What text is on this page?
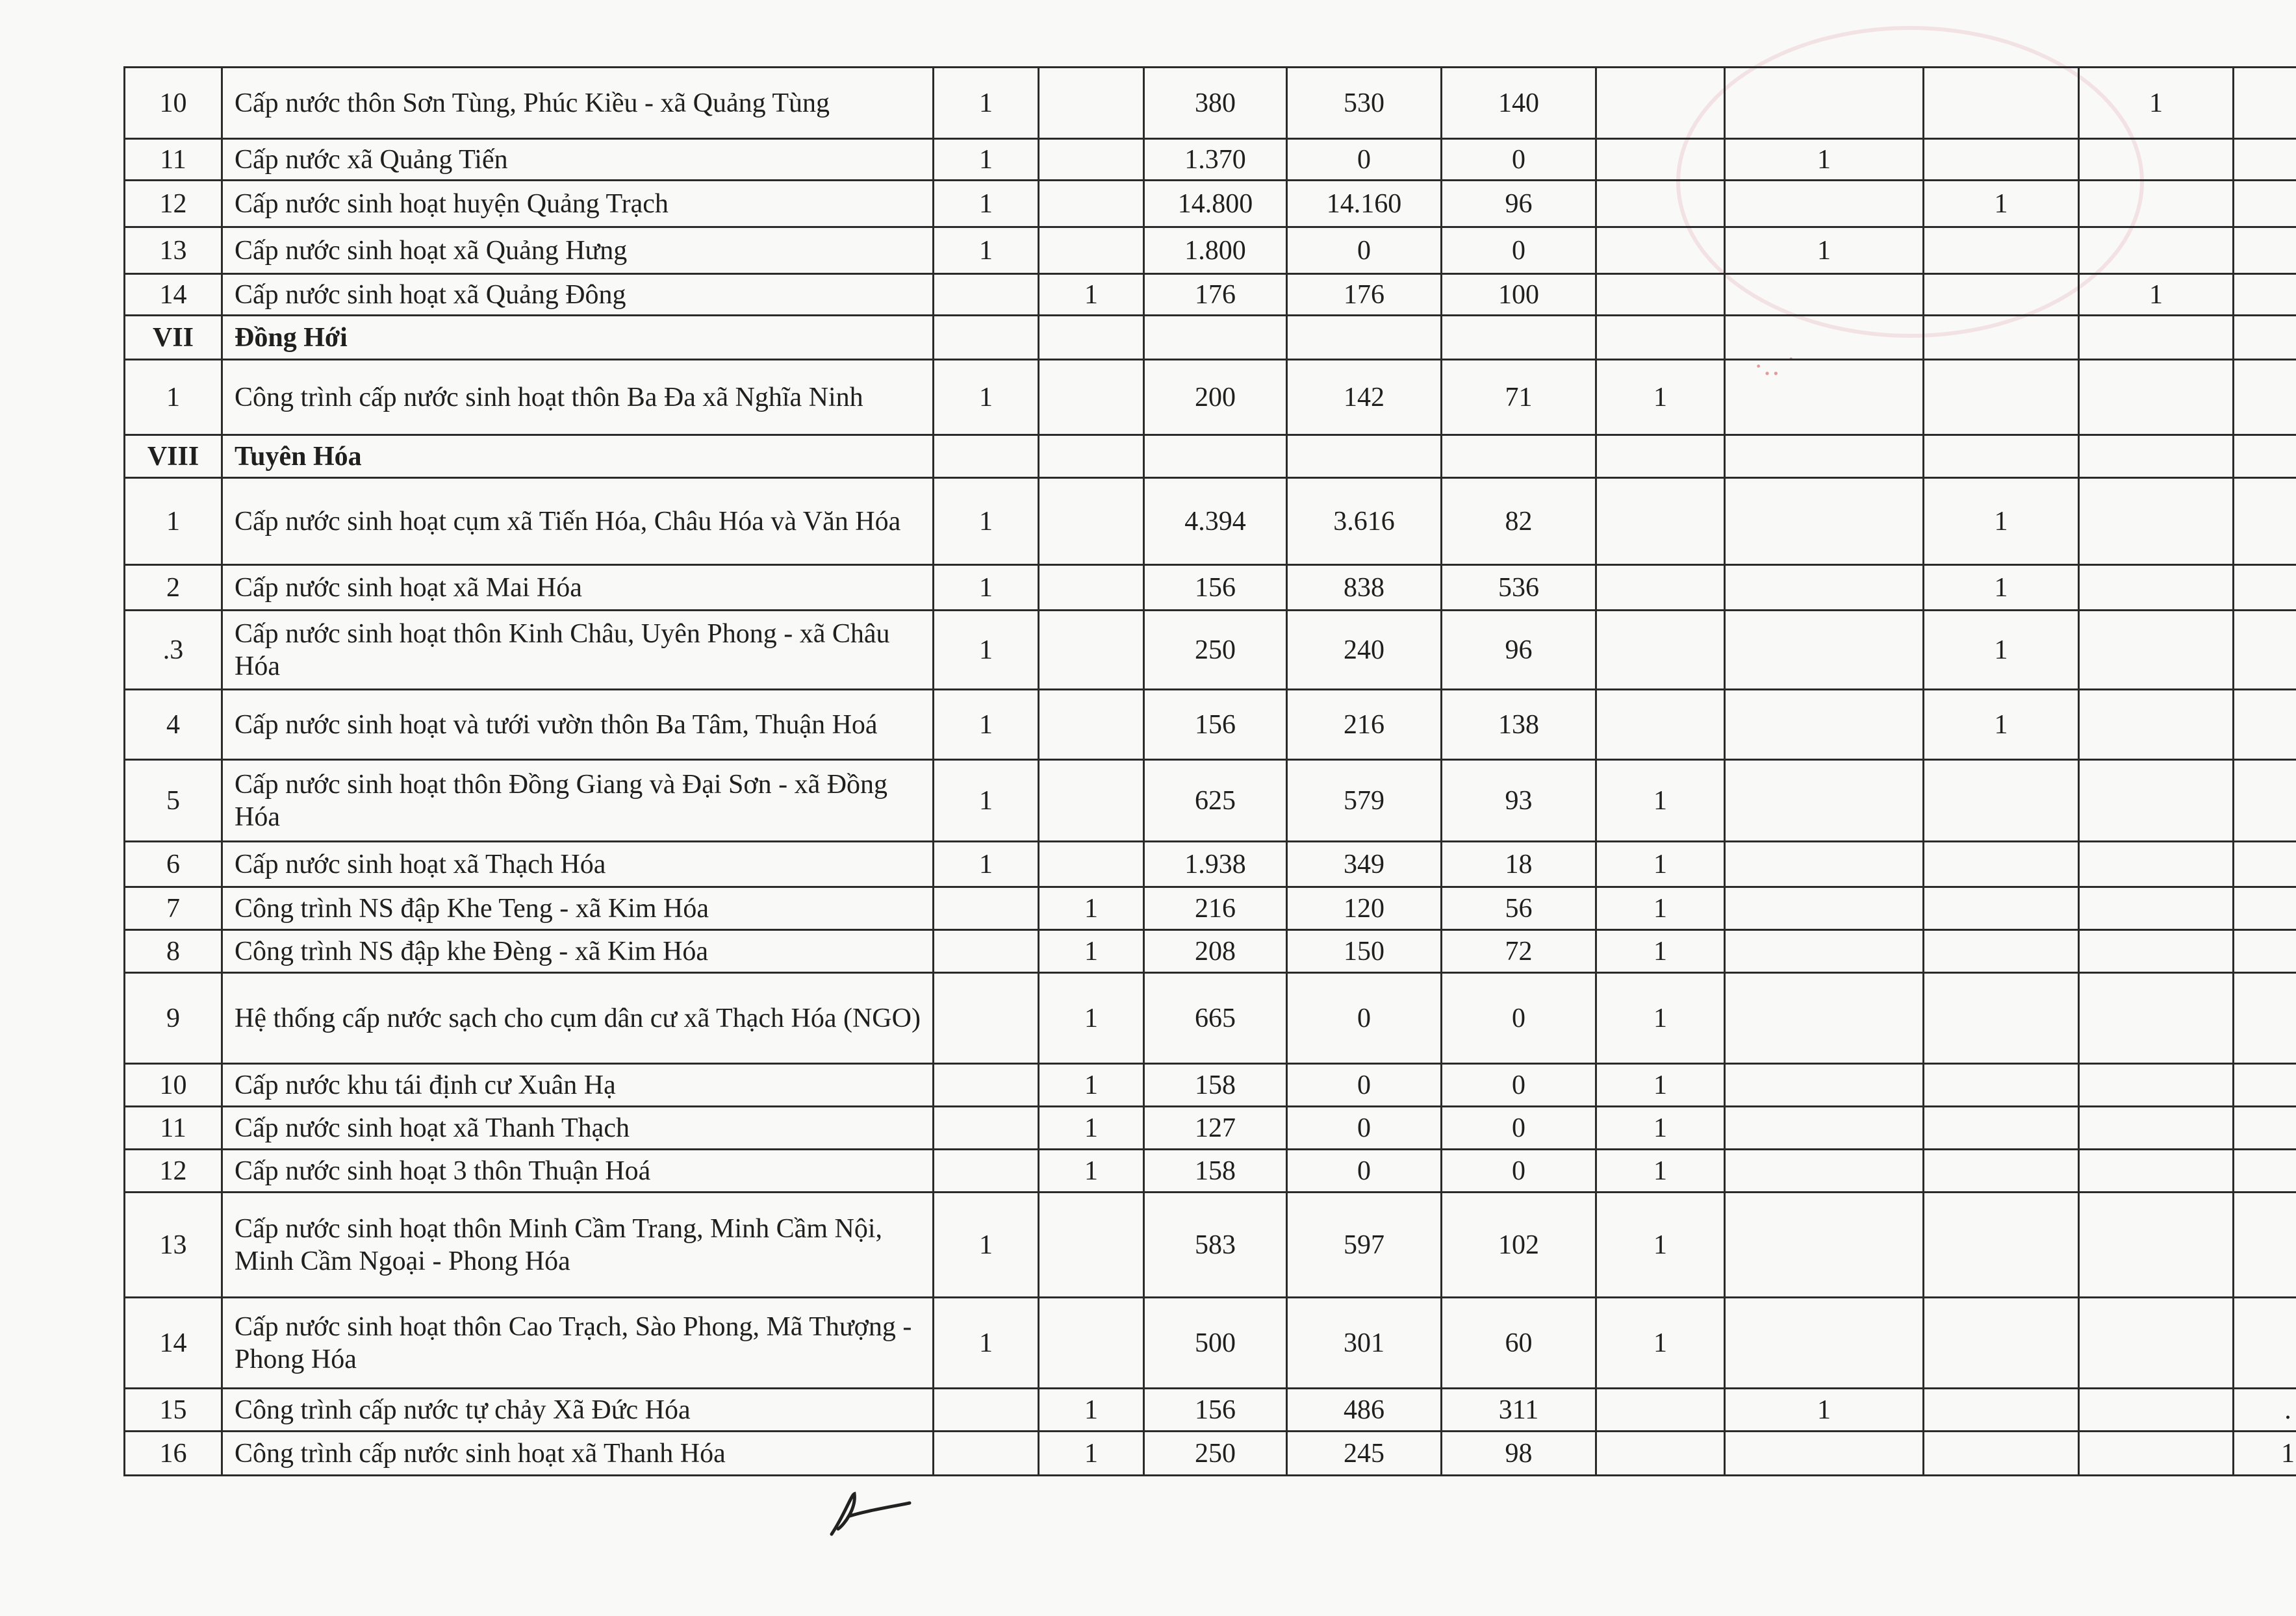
·‥ ˙
10	Cấp nước thôn Sơn Tùng, Phúc Kiều - xã Quảng Tùng	1		380	530	140				1	
11	Cấp nước xã Quảng Tiến	1		1.370	0	0		1			
12	Cấp nước sinh hoạt huyện Quảng Trạch	1		14.800	14.160	96			1		
13	Cấp nước sinh hoạt xã Quảng Hưng	1		1.800	0	0		1			
14	Cấp nước sinh hoạt xã Quảng Đông		1	176	176	100				1	
VII	Đồng Hới										
1	Công trình cấp nước sinh hoạt thôn Ba Đa xã Nghĩa Ninh	1		200	142	71	1				
VIII	Tuyên Hóa										
1	Cấp nước sinh hoạt cụm xã Tiến Hóa, Châu Hóa và Văn Hóa	1		4.394	3.616	82			1		
2	Cấp nước sinh hoạt xã Mai Hóa	1		156	838	536			1		
.3	Cấp nước sinh hoạt thôn Kinh Châu, Uyên Phong - xã Châu Hóa	1		250	240	96			1		
4	Cấp nước sinh hoạt và tưới vườn thôn Ba Tâm, Thuận Hoá	1		156	216	138			1		
5	Cấp nước sinh hoạt thôn Đồng Giang và Đại Sơn - xã Đồng Hóa	1		625	579	93	1				
6	Cấp nước sinh hoạt xã Thạch Hóa	1		1.938	349	18	1				
7	Công trình NS đập Khe Teng - xã Kim Hóa		1	216	120	56	1				
8	Công trình NS đập khe Đèng - xã Kim Hóa		1	208	150	72	1				
9	Hệ thống cấp nước sạch cho cụm dân cư xã Thạch Hóa (NGO)		1	665	0	0	1				
10	Cấp nước khu tái định cư Xuân Hạ		1	158	0	0	1				
11	Cấp nước sinh hoạt xã Thanh Thạch		1	127	0	0	1				
12	Cấp nước sinh hoạt 3 thôn Thuận Hoá		1	158	0	0	1				
13	Cấp nước sinh hoạt thôn Minh Cầm Trang, Minh Cầm Nội, Minh Cầm Ngoại - Phong Hóa	1		583	597	102	1				
14	Cấp nước sinh hoạt thôn Cao Trạch, Sào Phong, Mã Thượng - Phong Hóa	1		500	301	60	1				
15	Công trình cấp nước tự chảy Xã Đức Hóa		1	156	486	311		1			.
16	Công trình cấp nước sinh hoạt xã Thanh Hóa		1	250	245	98					1
